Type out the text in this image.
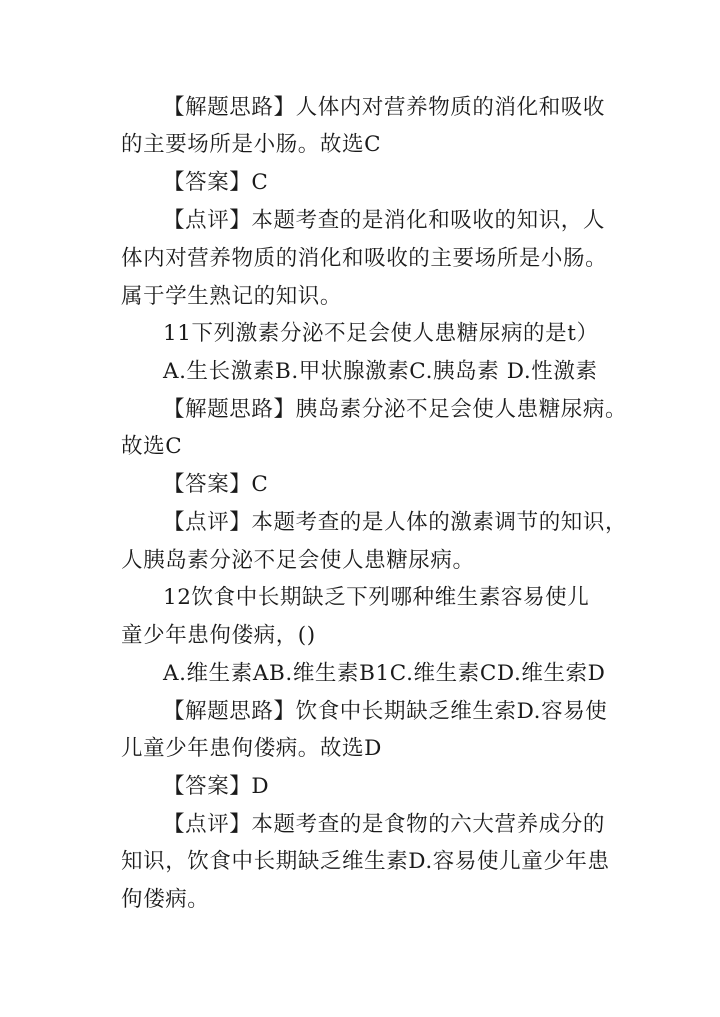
【解题思路】人体内对营养物质的消化和吸收

的主要场所是小肠。故选C

【答案】C

【点评】本题考查的是消化和吸收的知识，人

体内对营养物质的消化和吸收的主要场所是小肠。

属于学生熟记的知识。

11下列激素分泌不足会使人患糖尿病的是t）

A.生长激素B.甲状腺激素C.胰岛素 D.性激素

【解题思路】胰岛素分泌不足会使人患糖尿病。

故选C

【答案】C

【点评】本题考查的是人体的激素调节的知识，

人胰岛素分泌不足会使人患糖尿病。

12饮食中长期缺乏下列哪种维生素容易使儿

童少年患佝偻病，()

A.维生素AB.维生素B1C.维生素CD.维生索D

【解题思路】饮食中长期缺乏维生索D.容易使

儿童少年患佝偻病。故选D

【答案】D

【点评】本题考查的是食物的六大营养成分的

知识，饮食中长期缺乏维生素D.容易使儿童少年患

佝偻病。
